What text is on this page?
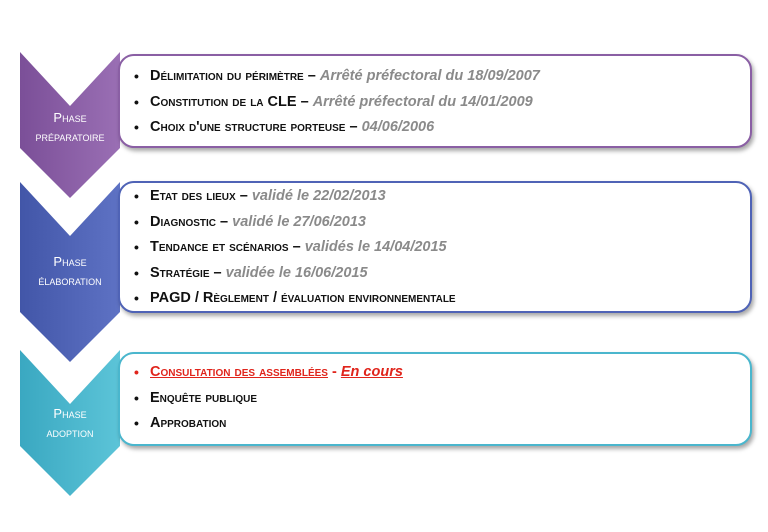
Phase
préparatoire
Phase
élaboration
Phase
adoption
• Délimitation du périmètre – Arrêté préfectoral du 18/09/2007
• Constitution de la CLE – Arrêté préfectoral du 14/01/2009
• Choix d'une structure porteuse – 04/06/2006
• Etat des lieux – validé le 22/02/2013
• Diagnostic – validé le 27/06/2013
• Tendance et scénarios – validés le 14/04/2015
• Stratégie – validée le 16/06/2015
• PAGD / Règlement / évaluation environnementale
• Consultation des assemblées - En cours
• Enquête publique
• Approbation
